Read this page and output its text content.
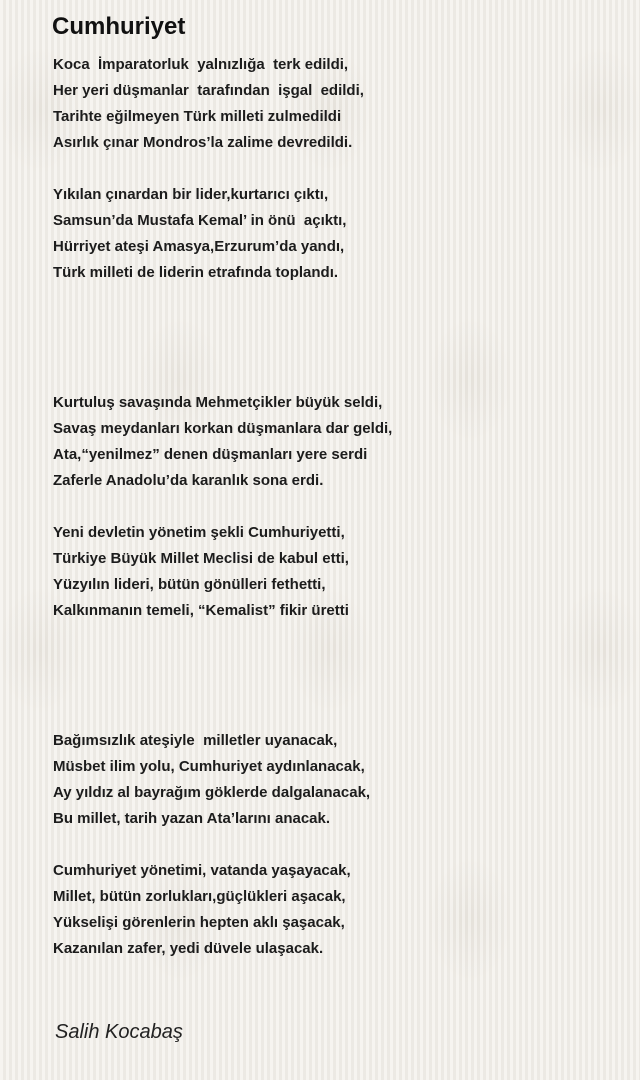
Cumhuriyet
Koca  İmparatorluk  yalnızlığa  terk edildi,
Her yeri düşmanlar  tarafından  işgal  edildi,
Tarihte eğilmeyen Türk milleti zulmedildi
Asırlık çınar Mondros’la zalime devredildi.
Yıkılan çınardan bir lider,kurtarıcı çıktı,
Samsun’da Mustafa Kemal’ in önü  açıktı,
Hürriyet ateşi Amasya,Erzurum’da yandı,
Türk milleti de liderin etrafında toplandı.
Kurtuluş savaşında Mehmetçikler büyük seldi,
Savaş meydanları korkan düşmanlara dar geldi,
Ata,“yenilmez” denen düşmanları yere serdi
Zaferle Anadolu’da karanlık sona erdi.
Yeni devletin yönetim şekli Cumhuriyetti,
Türkiye Büyük Millet Meclisi de kabul etti,
Yüzyılın lideri, bütün gönülleri fethetti,
Kalkınmanın temeli, “Kemalist” fikir üretti
Bağımsızlık ateşiyle  milletler uyanacak,
Müsbet ilim yolu, Cumhuriyet aydınlanacak,
Ay yıldız al bayrağım göklerde dalgalanacak,
Bu millet, tarih yazan Ata’larını anacak.
Cumhuriyet yönetimi, vatanda yaşayacak,
Millet, bütün zorlukları,güçlükleri aşacak,
Yükselişi görenlerin hepten aklı şaşacak,
Kazanılan zafer, yedi düvele ulaşacak.
Salih Kocabaş
